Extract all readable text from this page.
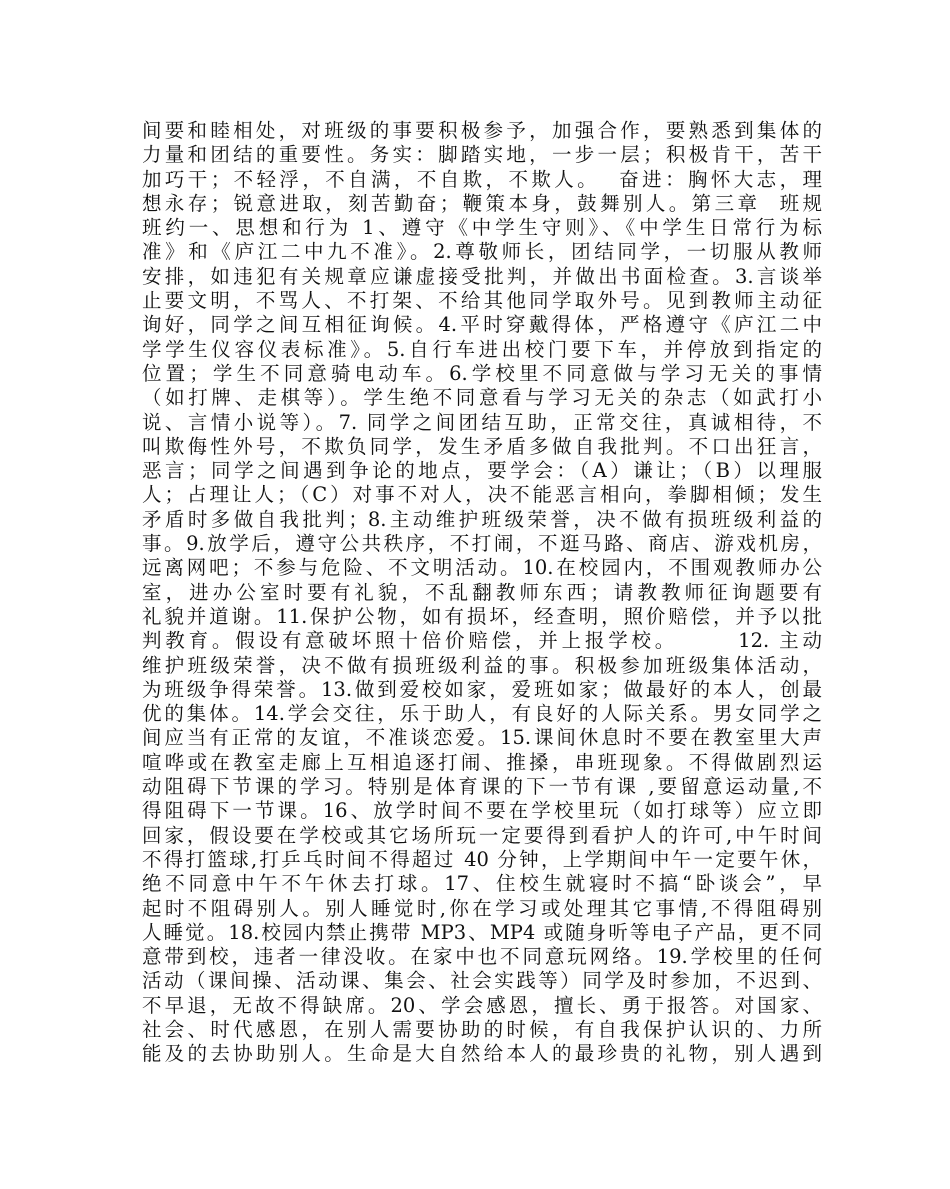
间要和睦相处，对班级的事要积极参予，加强合作，要熟悉到集体的
力量和团结的重要性。务实：脚踏实地，一步一层；积极肯干，苦干
加巧干；不轻浮，不自满，不自欺，不欺人。  奋进：胸怀大志，理
想永存；锐意进取，刻苦勤奋；鞭策本身，鼓舞别人。第三章  班规
班约一、思想和行为 1、遵守《中学生守则》、《中学生日常行为标
准》和《庐江二中九不准》。2.尊敬师长，团结同学，一切服从教师
安排，如违犯有关规章应谦虚接受批判，并做出书面检查。3.言谈举
止要文明，不骂人、不打架、不给其他同学取外号。见到教师主动征
询好，同学之间互相征询候。4.平时穿戴得体，严格遵守《庐江二中
学学生仪容仪表标准》。5.自行车进出校门要下车，并停放到指定的
位置；学生不同意骑电动车。6.学校里不同意做与学习无关的事情
（如打牌、走棋等）。学生绝不同意看与学习无关的杂志（如武打小
说、言情小说等）。7. 同学之间团结互助，正常交往，真诚相待，不
叫欺侮性外号，不欺负同学，发生矛盾多做自我批判。不口出狂言，
恶言；同学之间遇到争论的地点，要学会：（A）谦让；（B）以理服
人；占理让人；（C）对事不对人，决不能恶言相向，拳脚相倾；发生
矛盾时多做自我批判；8.主动维护班级荣誉，决不做有损班级利益的
事。9.放学后，遵守公共秩序，不打闹，不逛马路、商店、游戏机房，
远离网吧；不参与危险、不文明活动。10.在校园内，不围观教师办公
室，进办公室时要有礼貌，不乱翻教师东西；请教教师征询题要有
礼貌并道谢。11.保护公物，如有损坏，经查明，照价赔偿，并予以批
判教育。假设有意破坏照十倍价赔偿，并上报学校。      12. 主动
维护班级荣誉，决不做有损班级利益的事。积极参加班级集体活动，
为班级争得荣誉。13.做到爱校如家，爱班如家；做最好的本人，创最
优的集体。14.学会交往，乐于助人，有良好的人际关系。男女同学之
间应当有正常的友谊，不准谈恋爱。15.课间休息时不要在教室里大声
喧哗或在教室走廊上互相追逐打闹、推搡，串班现象。不得做剧烈运
动阻碍下节课的学习。特别是体育课的下一节有课 ,要留意运动量,不
得阻碍下一节课。16、放学时间不要在学校里玩（如打球等）应立即
回家，假设要在学校或其它场所玩一定要得到看护人的许可,中午时间
不得打篮球,打乒乓时间不得超过 40 分钟，上学期间中午一定要午休，
绝不同意中午不午休去打球。17、住校生就寝时不搞“卧谈会”，早
起时不阻碍别人。别人睡觉时,你在学习或处理其它事情,不得阻碍别
人睡觉。18.校园内禁止携带 MP3、MP4 或随身听等电子产品，更不同
意带到校，违者一律没收。在家中也不同意玩网络。19.学校里的任何
活动（课间操、活动课、集会、社会实践等）同学及时参加，不迟到、
不早退，无故不得缺席。20、学会感恩，擅长、勇于报答。对国家、
社会、时代感恩，在别人需要协助的时候，有自我保护认识的、力所
能及的去协助别人。生命是大自然给本人的最珍贵的礼物，别人遇到
